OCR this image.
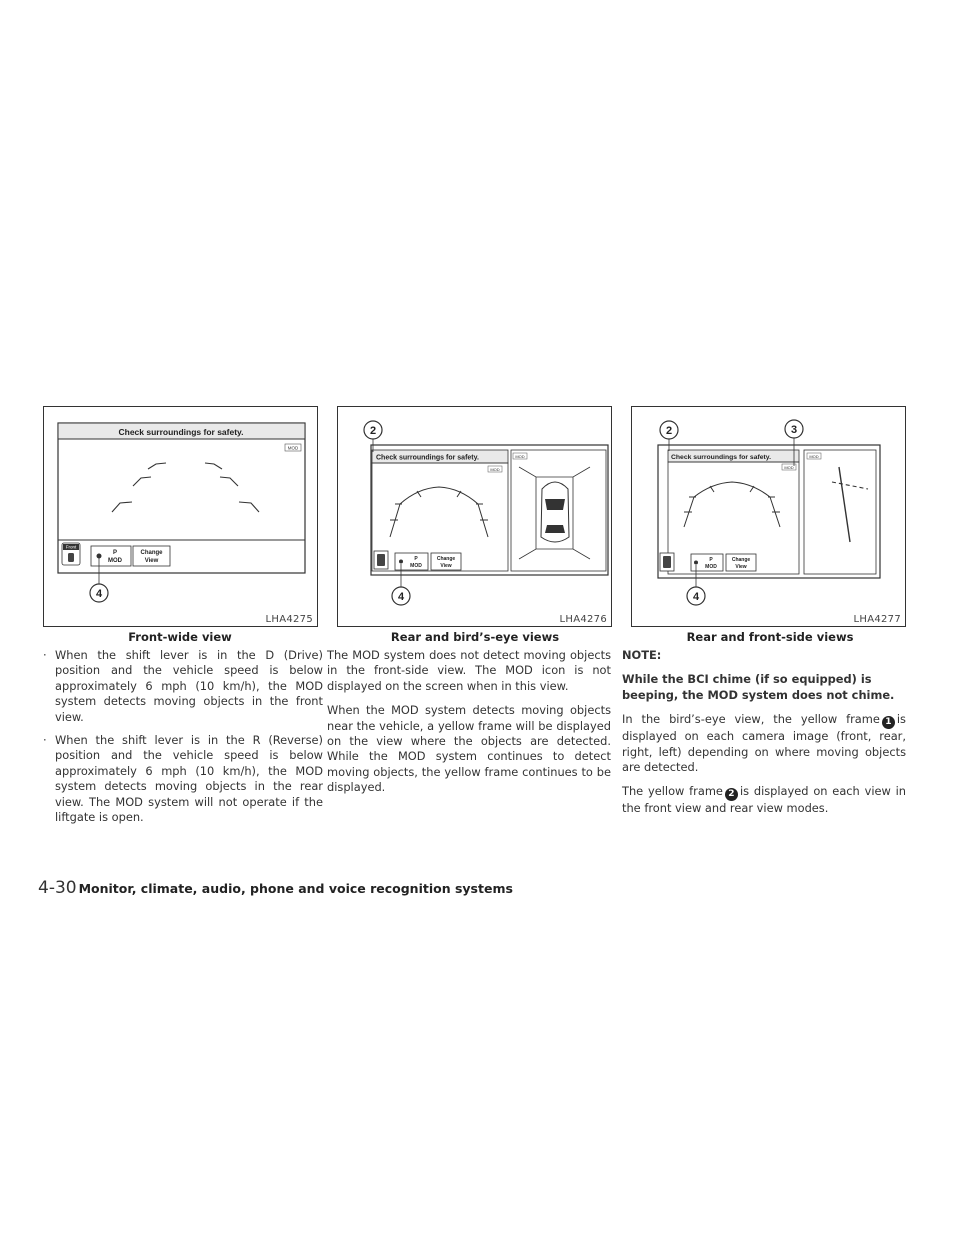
Check surroundings for safety.
MOD
Front
P
MOD
Change
View
4
LHA4275
Front-wide view
Check surroundings for safety.
MOD
MOD
P
MOD
Change
View
2
4
LHA4276
Rear and bird’s-eye views
Check surroundings for safety.
MOD
MOD
P
MOD
Change
View
2	3
4
LHA4277
Rear and front-side views
· When the shift lever is in the D (Drive) position and the vehicle speed is below approximately 6 mph (10 km/h), the MOD system detects moving objects in the front view.
· When the shift lever is in the R (Reverse) position and the vehicle speed is below approximately 6 mph (10 km/h), the MOD system detects moving objects in the rear view. The MOD system will not operate if the liftgate is open.

The MOD system does not detect moving objects in the front-side view. The MOD icon is not displayed on the screen when in this view.

When the MOD system detects moving objects near the vehicle, a yellow frame will be displayed on the view where the objects are detected. While the MOD system continues to detect moving objects, the yellow frame continues to be displayed.

NOTE:
While the BCI chime (if so equipped) is beeping, the MOD system does not chime.

In the bird’s-eye view, the yellow frame 1 is displayed on each camera image (front, rear, right, left) depending on where moving objects are detected.

The yellow frame 2 is displayed on each view in the front view and rear view modes.

4-30 Monitor, climate, audio, phone and voice recognition systems
